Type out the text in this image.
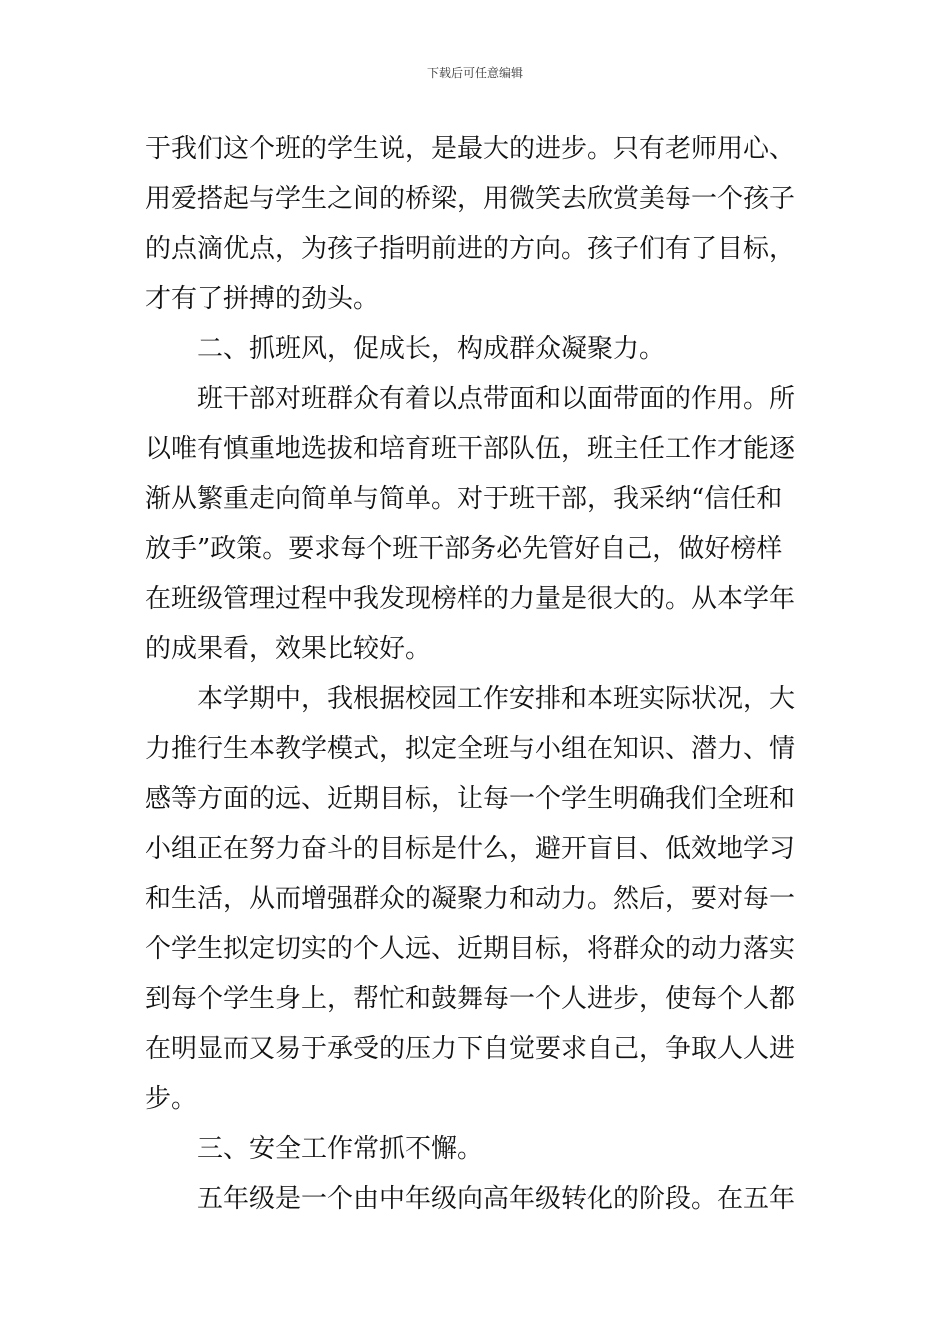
下载后可任意编辑
于我们这个班的学生说，是最大的进步。只有老师用心、
用爱搭起与学生之间的桥梁，用微笑去欣赏美每一个孩子
的点滴优点，为孩子指明前进的方向。孩子们有了目标，
才有了拼搏的劲头。
二、抓班风，促成长，构成群众凝聚力。
班干部对班群众有着以点带面和以面带面的作用。所
以唯有慎重地选拔和培育班干部队伍，班主任工作才能逐
渐从繁重走向简单与简单。对于班干部，我采纳“信任和
放手”政策。要求每个班干部务必先管好自己，做好榜样
在班级管理过程中我发现榜样的力量是很大的。从本学年
的成果看，效果比较好。
本学期中，我根据校园工作安排和本班实际状况，大
力推行生本教学模式，拟定全班与小组在知识、潜力、情
感等方面的远、近期目标，让每一个学生明确我们全班和
小组正在努力奋斗的目标是什么，避开盲目、低效地学习
和生活，从而增强群众的凝聚力和动力。然后，要对每一
个学生拟定切实的个人远、近期目标，将群众的动力落实
到每个学生身上，帮忙和鼓舞每一个人进步，使每个人都
在明显而又易于承受的压力下自觉要求自己，争取人人进
步。
三、安全工作常抓不懈。
五年级是一个由中年级向高年级转化的阶段。在五年
